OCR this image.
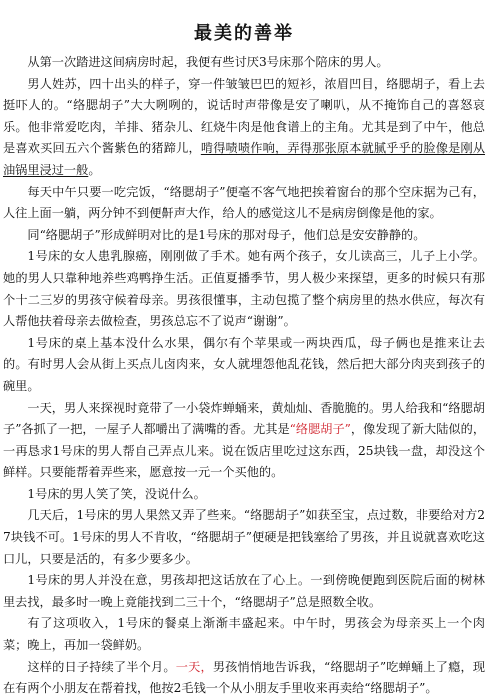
最美的善举

从第一次踏进这间病房时起，我便有些讨厌3号床那个陪床的男人。

男人姓苏，四十出头的样子，穿一件皱皱巴巴的短衫，浓眉凹目，络腮胡子，看上去挺吓人的。“络腮胡子”大大咧咧的，说话时声带像是安了喇叭，从不掩饰自己的喜怒哀乐。他非常爱吃肉，羊排、猪杂儿、红烧牛肉是他食谱上的主角。尤其是到了中午，他总是喜欢买回五六个酱紫色的猪蹄儿，啃得啧啧作响，弄得那张原本就腻乎乎的脸像是刚从油锅里浸过一般。

每天中午只要一吃完饭，“络腮胡子”便毫不客气地把挨着窗台的那个空床据为己有，人往上面一躺，两分钟不到便鼾声大作，给人的感觉这儿不是病房倒像是他的家。

同“络腮胡子”形成鲜明对比的是1号床的那对母子，他们总是安安静静的。

1号床的女人患乳腺癌，刚刚做了手术。她有两个孩子，女儿读高三，儿子上小学。她的男人只靠种地养些鸡鸭挣生活。正值夏播季节，男人极少来探望，更多的时候只有那个十二三岁的男孩守候着母亲。男孩很懂事，主动包揽了整个病房里的热水供应，每次有人帮他扶着母亲去做检查，男孩总忘不了说声“谢谢”。

1号床的桌上基本没什么水果，偶尔有个苹果或一两块西瓜，母子俩也是推来让去的。有时男人会从街上买点儿卤肉来，女人就埋怨他乱花钱，然后把大部分肉夹到孩子的碗里。

一天，男人来探视时竟带了一小袋炸蝉蛹来，黄灿灿、香脆脆的。男人给我和“络腮胡子”各抓了一把，一屋子人都嚼出了满嘴的香。尤其是“络腮胡子”，像发现了新大陆似的，一再恳求1号床的男人帮自己弄点儿来。说在饭店里吃过这东西，25块钱一盘，却没这个鲜样。只要能帮着弄些来，愿意按一元一个买他的。

1号床的男人笑了笑，没说什么。

几天后，1号床的男人果然又弄了些来。“络腮胡子”如获至宝，点过数，非要给对方27块钱不可。1号床的男人不肯收，“络腮胡子”便硬是把钱塞给了男孩，并且说就喜欢吃这口儿，只要是活的，有多少要多少。

1号床的男人并没在意，男孩却把这话放在了心上。一到傍晚便跑到医院后面的树林里去找，最多时一晚上竟能找到二三十个，“络腮胡子”总是照数全收。

有了这项收入，1号床的餐桌上渐渐丰盛起来。中午时，男孩会为母亲买上一个肉菜；晚上，再加一袋鲜奶。

这样的日子持续了半个月。一天，男孩悄悄地告诉我，“络腮胡子”吃蝉蛹上了瘾，现在有两个小朋友在帮着找，他按2毛钱一个从小朋友手里收来再卖给“络腮胡子”。
